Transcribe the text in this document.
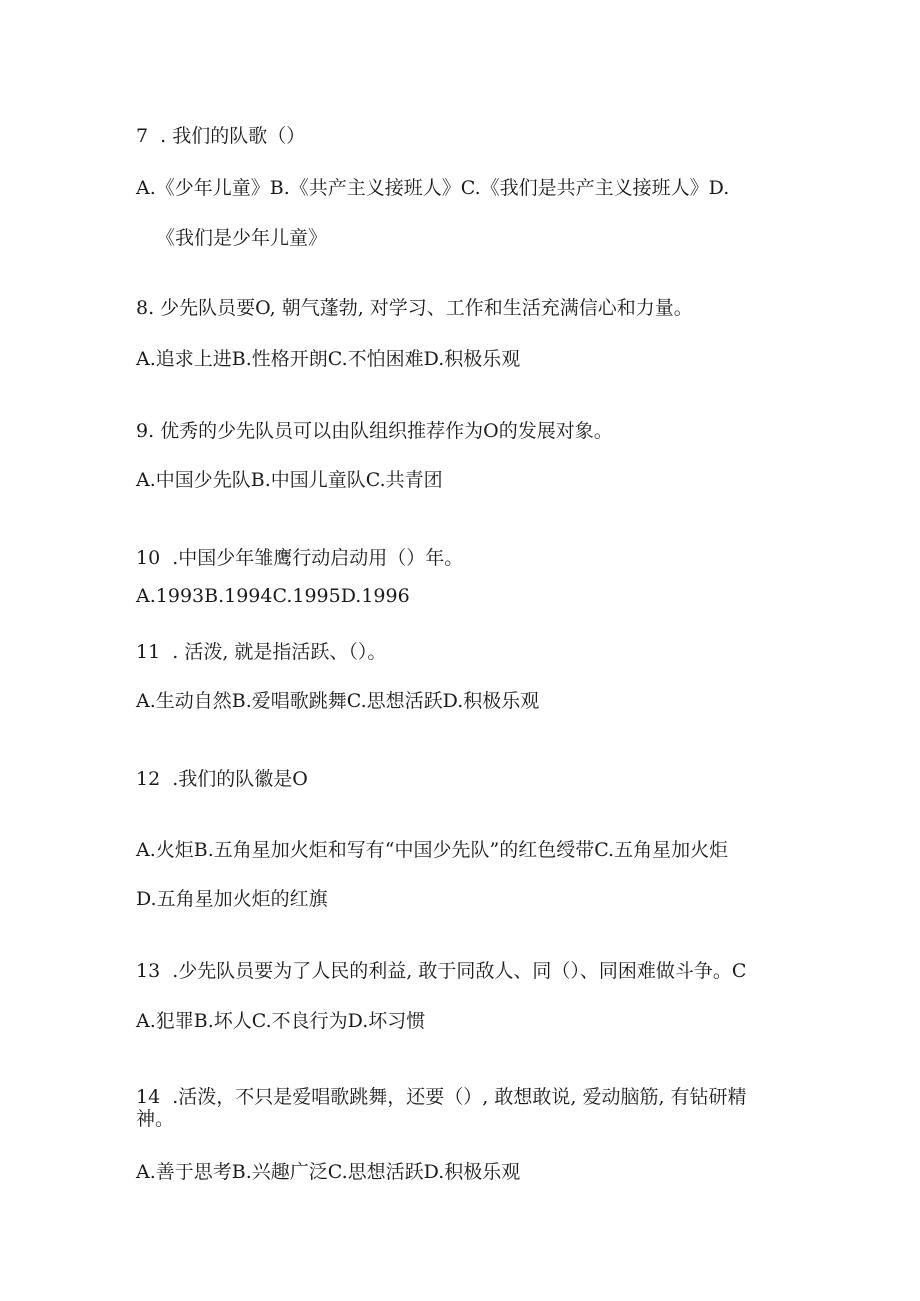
7  . 我们的队歌（）
A.《少年儿童》B.《共产主义接班人》C.《我们是共产主义接班人》D.
《我们是少年儿童》
8. 少先队员要O, 朝气蓬勃, 对学习、工作和生活充满信心和力量。
A.追求上进B.性格开朗C.不怕困难D.积极乐观
9. 优秀的少先队员可以由队组织推荐作为O的发展对象。
A.中国少先队B.中国儿童队C.共青团
10  .中国少年雏鹰行动启动用（）年。
A.1993B.1994C.1995D.1996
11  . 活泼, 就是指活跃、（）。
A.生动自然B.爱唱歌跳舞C.思想活跃D.积极乐观
12  .我们的队徽是O
A.火炬B.五角星加火炬和写有“中国少先队”的红色绶带C.五角星加火炬
D.五角星加火炬的红旗
13  .少先队员要为了人民的利益, 敢于同敌人、同（）、同困难做斗争。C
A.犯罪B.坏人C.不良行为D.坏习惯
14  .活泼，不只是爱唱歌跳舞，还要（）, 敢想敢说, 爱动脑筋, 有钻研精神。
A.善于思考B.兴趣广泛C.思想活跃D.积极乐观
